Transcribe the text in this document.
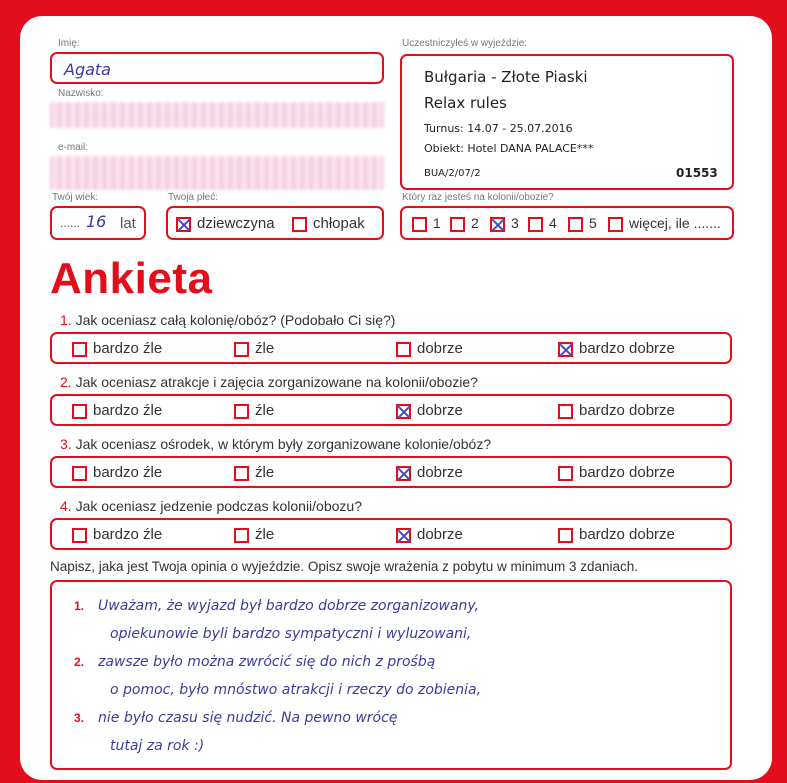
Imię:
Agata
Nazwisko:
e-mail:
Uczestniczyłeś w wyjeździe:
Bułgaria - Złote Piaski
Relax rules
Turnus: 14.07 - 25.07.2016
Obiekt: Hotel DANA PALACE***
BUA/2/07/2	01553
Twój wiek:
...... 16 lat
Twoja płeć:
dziewczyna	chłopak
Który raz jesteś na kolonii/obozie?
1	2	3	4	5	więcej, ile .......
Ankieta
1. Jak oceniasz całą kolonię/obóz? (Podobało Ci się?)
bardzo źle	źle	dobrze	bardzo dobrze
2. Jak oceniasz atrakcje i zajęcia zorganizowane na kolonii/obozie?
bardzo źle	źle	dobrze	bardzo dobrze
3. Jak oceniasz ośrodek, w którym były zorganizowane kolonie/obóz?
bardzo źle	źle	dobrze	bardzo dobrze
4. Jak oceniasz jedzenie podczas kolonii/obozu?
bardzo źle	źle	dobrze	bardzo dobrze
Napisz, jaka jest Twoja opinia o wyjeździe. Opisz swoje wrażenia z pobytu w minimum 3 zdaniach.
1. Uważam, że wyjazd był bardzo dobrze zorganizowany,
opiekunowie byli bardzo sympatyczni i wyluzowani,
2. zawsze było można zwrócić się do nich z prośbą
o pomoc, było mnóstwo atrakcji i rzeczy do zobienia,
3. nie było czasu się nudzić. Na pewno wrócę
tutaj za rok :)
